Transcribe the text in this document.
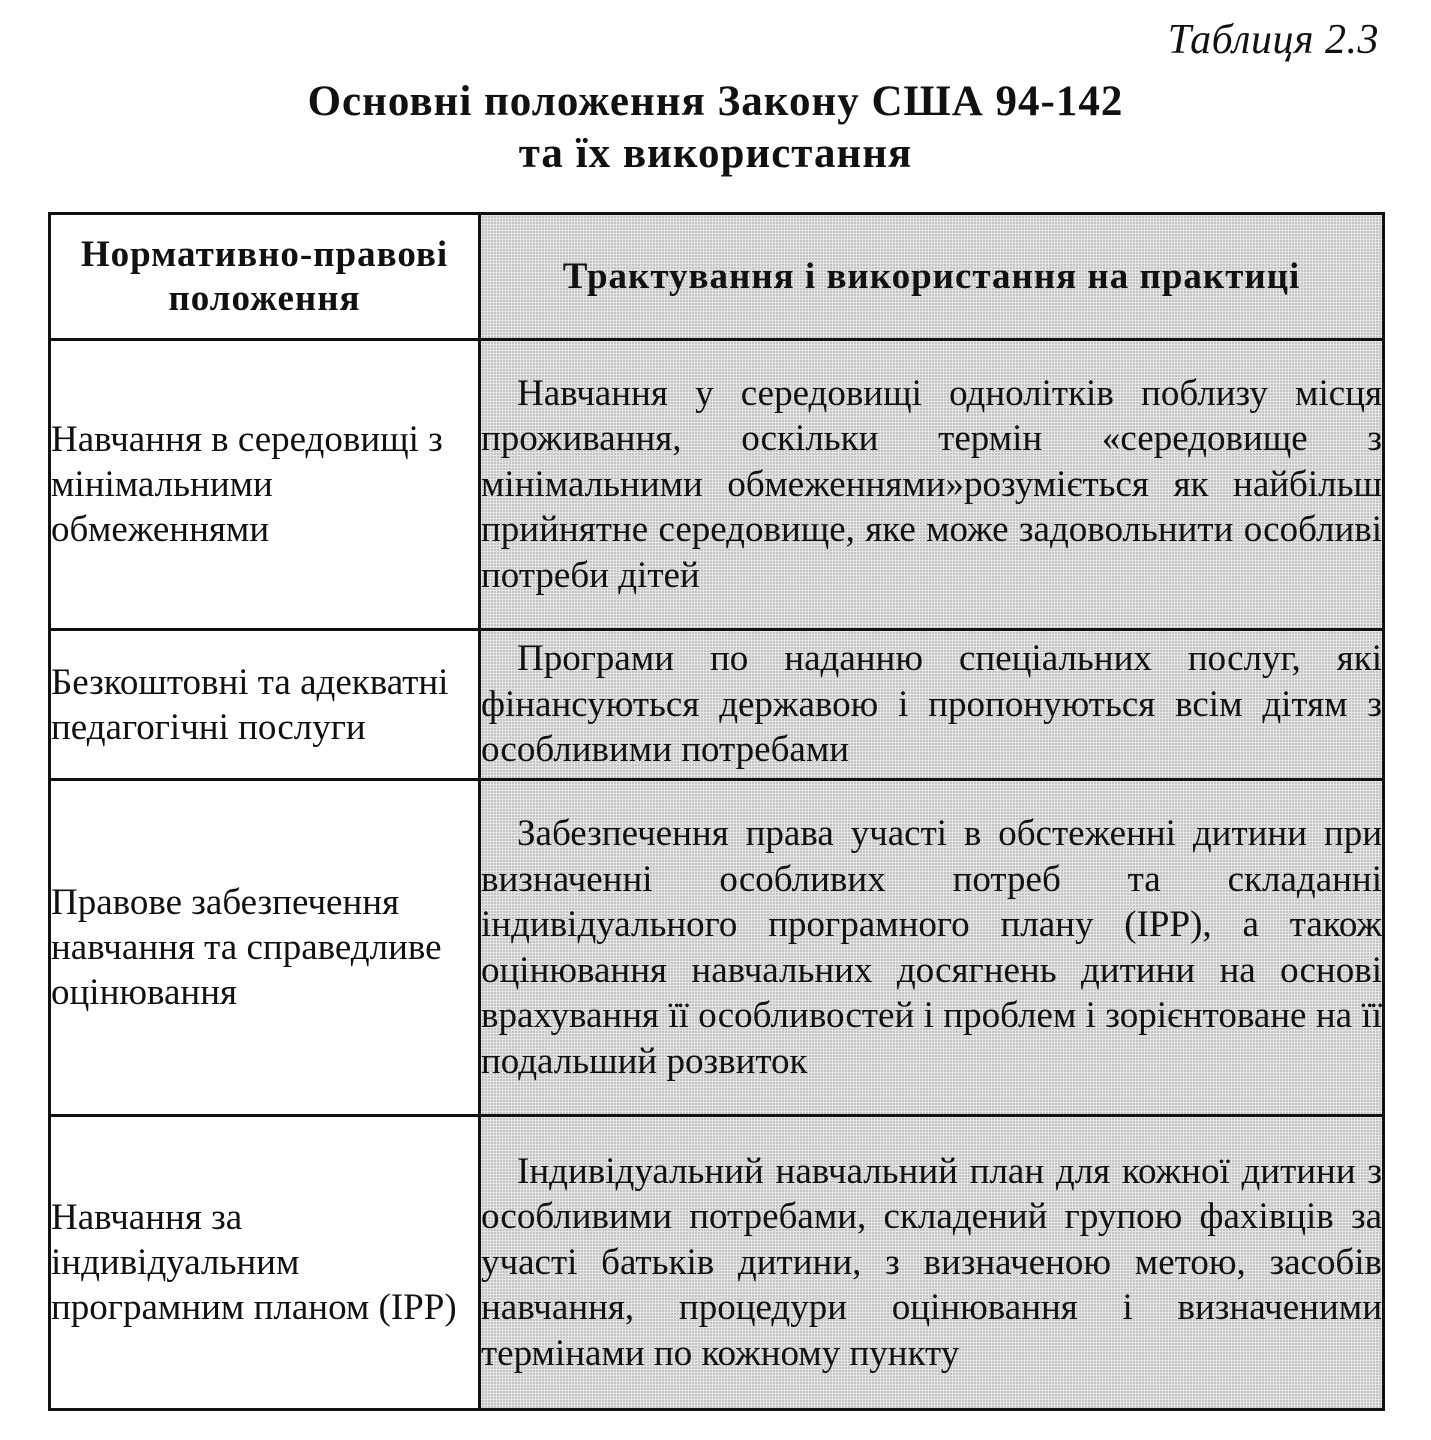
Таблиця 2.3
Основні положення Закону США 94-142
та їх використання
Нормативно-правові положення	Трактування і використання на практиці
Навчання в середовищі з мінімальними обмеженнями	Навчання у середовищі однолітків поблизу місця проживання, оскільки термін «середовище з мінімальними обмеженнями»розуміється як найбільш прийнятне середовище, яке може задовольнити особливі потреби дітей
Безкоштовні та адекватні педагогічні послуги	Програми по наданню спеціальних послуг, які фінансуються державою і пропонуються всім дітям з особливими потребами
Правове забезпечення навчання та справедливе оцінювання	Забезпечення права участі в обстеженні дитини при визначенні особливих потреб та складанні індивідуального програмного плану (IPP), а також оцінювання навчальних досягнень дитини на основі врахування її особливостей і проблем і зорієнтоване на її подальший розвиток
Навчання за індивідуальним програмним планом (IPP)	Індивідуальний навчальний план для кожної дитини з особливими потребами, складений групою фахівців за участі батьків дитини, з визначеною метою, засобів навчання, процедури оцінювання і визначеними термінами по кожному пункту
